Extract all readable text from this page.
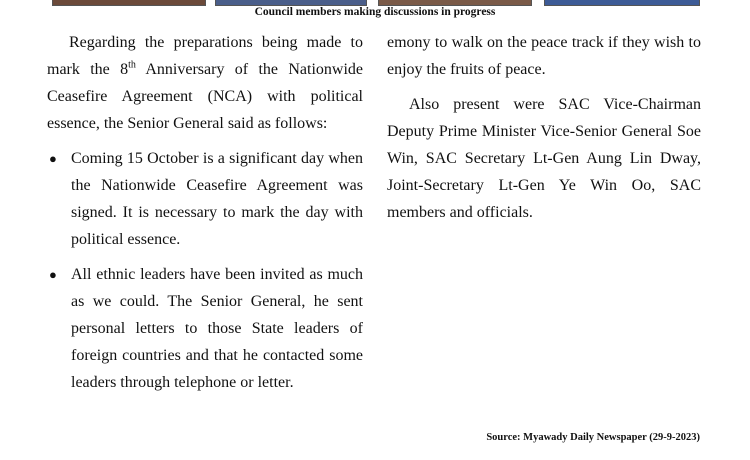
Council members making discussions in progress

Regarding the preparations being made to mark the 8th Anniversary of the Nationwide Ceasefire Agreement (NCA) with political essence, the Senior General said as follows:

● Coming 15 October is a significant day when the Nationwide Ceasefire Agreement was signed. It is necessary to mark the day with political essence.
● All ethnic leaders have been invited as much as we could. The Senior General, he sent personal letters to those State leaders of foreign countries and that he contacted some leaders through telephone or letter.

emony to walk on the peace track if they wish to enjoy the fruits of peace.

Also present were SAC Vice-Chairman Deputy Prime Minister Vice-Senior General Soe Win, SAC Secretary Lt-Gen Aung Lin Dway, Joint-Secretary Lt-Gen Ye Win Oo, SAC members and officials.

Source: Myawady Daily Newspaper (29-9-2023)
